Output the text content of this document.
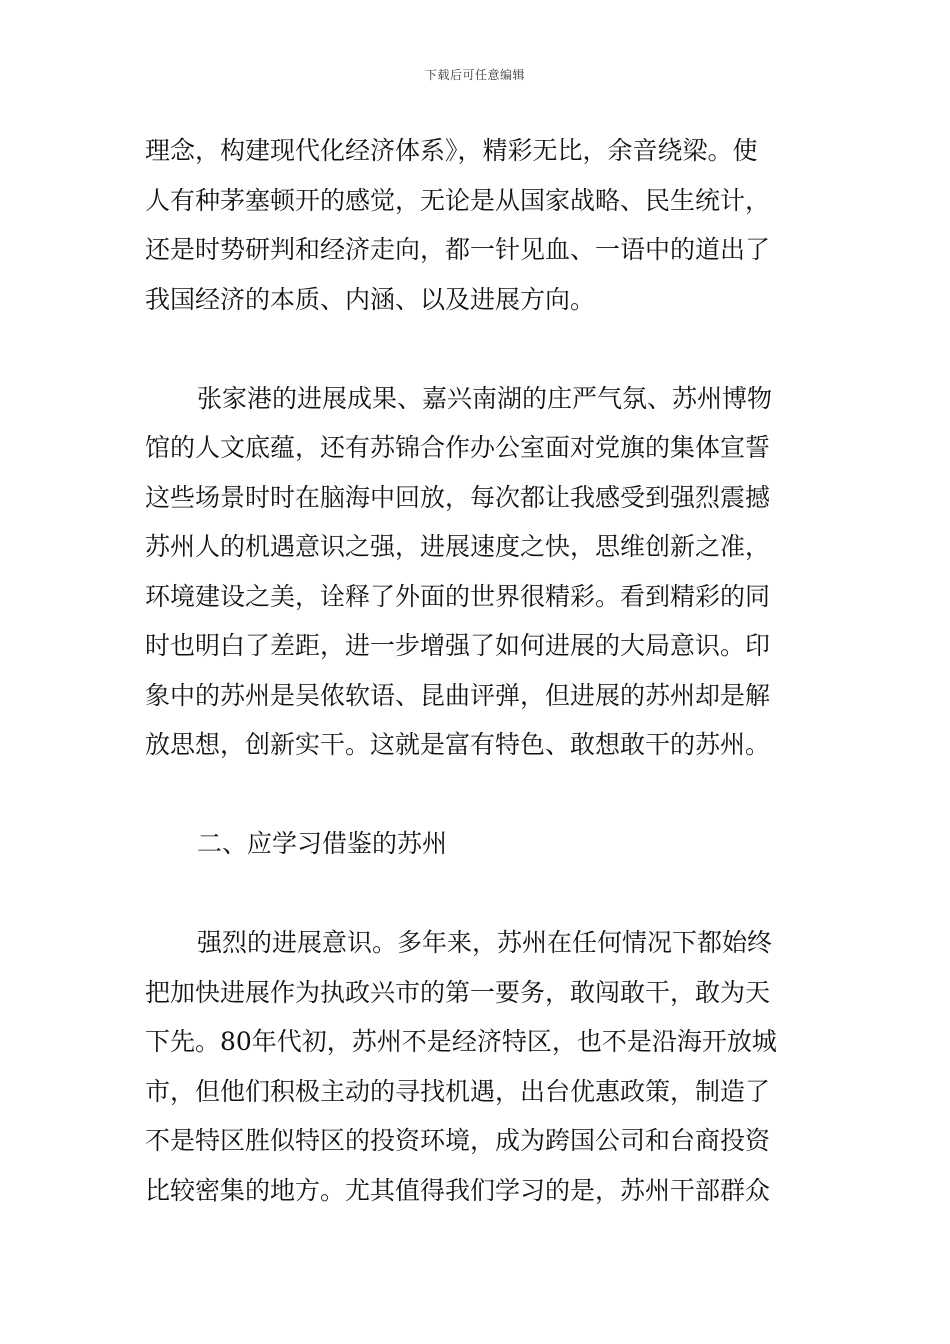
下载后可任意编辑
理念，构建现代化经济体系》，精彩无比，余音绕梁。使
人有种茅塞顿开的感觉，无论是从国家战略、民生统计，
还是时势研判和经济走向，都一针见血、一语中的道出了
我国经济的本质、内涵、以及进展方向。
张家港的进展成果、嘉兴南湖的庄严气氛、苏州博物
馆的人文底蕴，还有苏锦合作办公室面对党旗的集体宣誓
这些场景时时在脑海中回放，每次都让我感受到强烈震撼
苏州人的机遇意识之强，进展速度之快，思维创新之准，
环境建设之美，诠释了外面的世界很精彩。看到精彩的同
时也明白了差距，进一步增强了如何进展的大局意识。印
象中的苏州是吴侬软语、昆曲评弹，但进展的苏州却是解
放思想，创新实干。这就是富有特色、敢想敢干的苏州。
二、应学习借鉴的苏州
强烈的进展意识。多年来，苏州在任何情况下都始终
把加快进展作为执政兴市的第一要务，敢闯敢干，敢为天
下先。80年代初，苏州不是经济特区，也不是沿海开放城
市，但他们积极主动的寻找机遇，出台优惠政策，制造了
不是特区胜似特区的投资环境，成为跨国公司和台商投资
比较密集的地方。尤其值得我们学习的是，苏州干部群众
